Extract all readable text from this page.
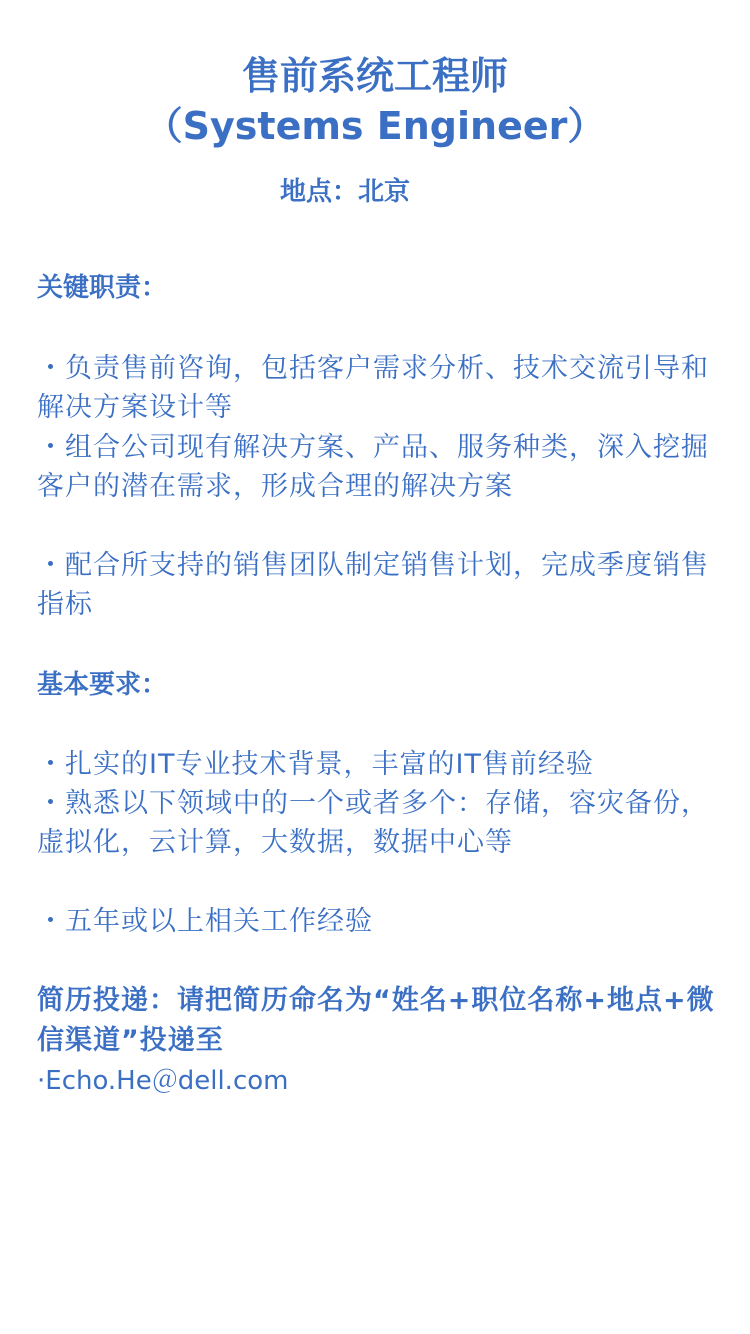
售前系统工程师
（Systems Engineer）
地点：北京
关键职责：

・负责售前咨询，包括客户需求分析、技术交流引导和解决方案设计等

・组合公司现有解决方案、产品、服务种类，深入挖掘客户的潜在需求，形成合理的解决方案

・配合所支持的销售团队制定销售计划，完成季度销售指标

基本要求：

・扎实的IT专业技术背景，丰富的IT售前经验

・熟悉以下领域中的一个或者多个：存储，容灾备份，虚拟化，云计算，大数据，数据中心等

・五年或以上相关工作经验

简历投递：请把简历命名为“姓名+职位名称+地点+微信渠道”投递至

·Echo.He＠dell.com
